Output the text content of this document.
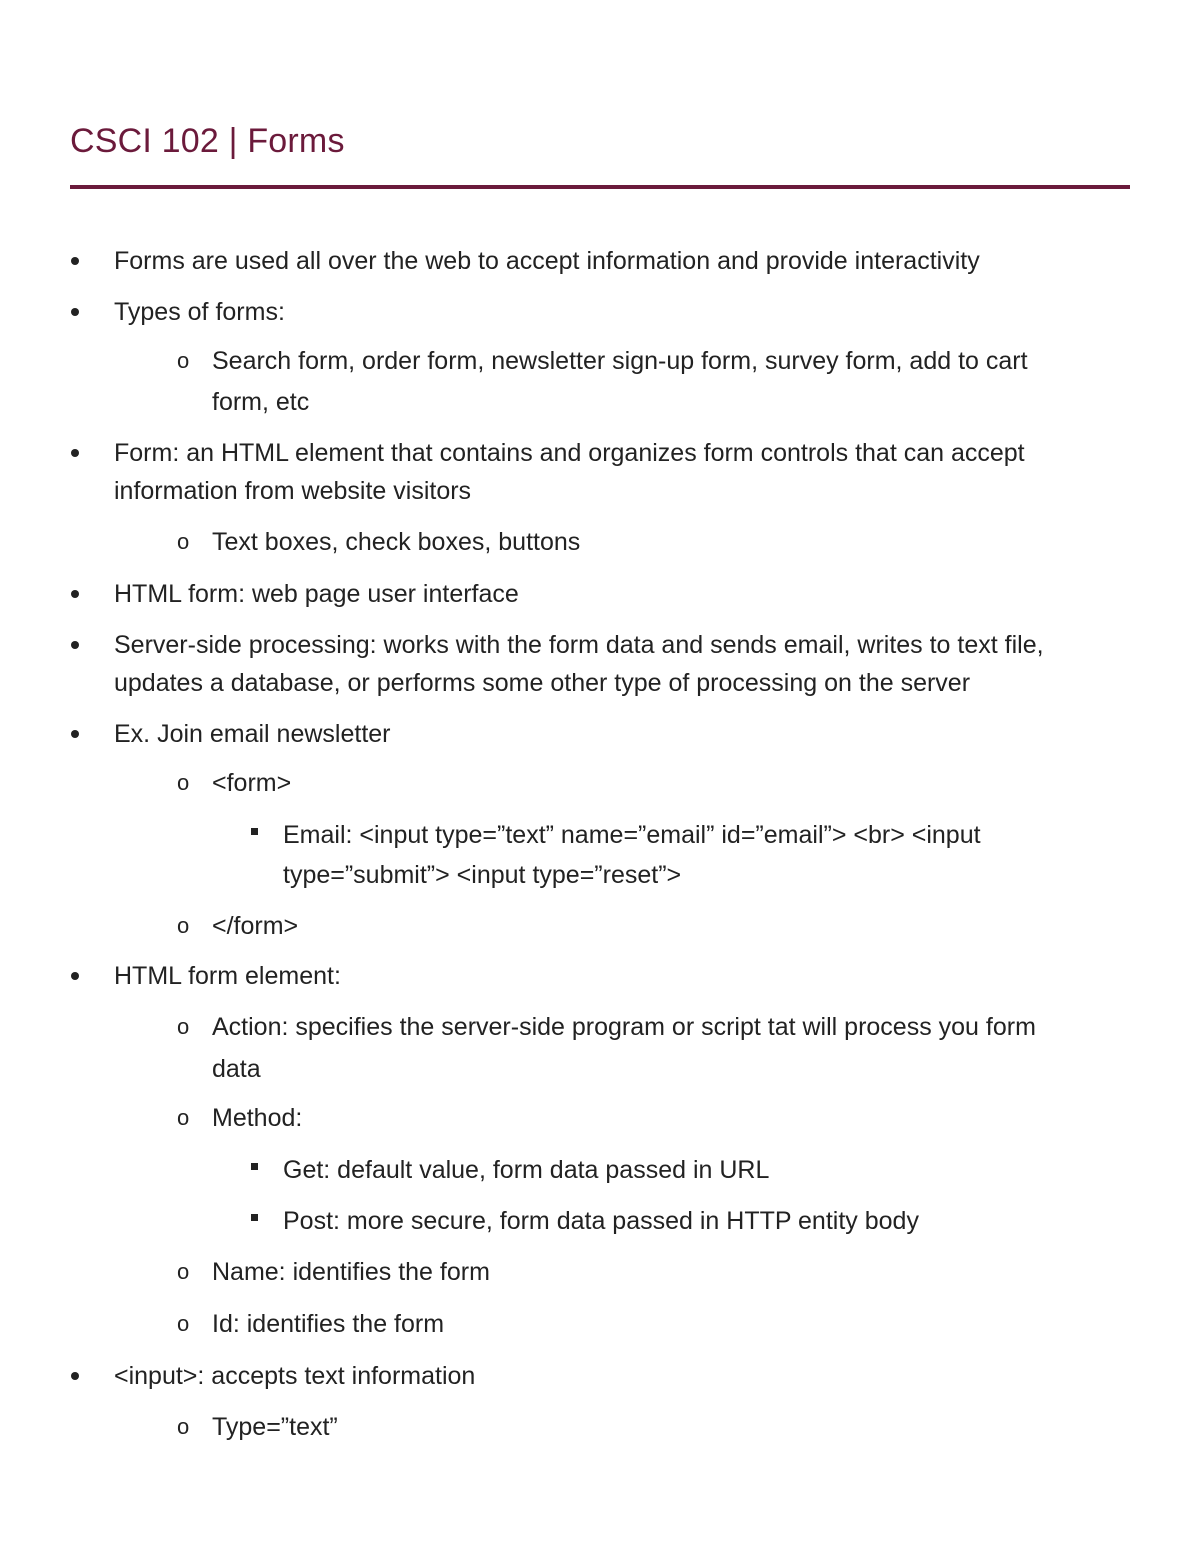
CSCI 102 | Forms
Forms are used all over the web to accept information and provide interactivity
Types of forms:
o Search form, order form, newsletter sign-up form, survey form, add to cart
form, etc
Form: an HTML element that contains and organizes form controls that can accept
information from website visitors
o Text boxes, check boxes, buttons
HTML form: web page user interface
Server-side processing: works with the form data and sends email, writes to text file,
updates a database, or performs some other type of processing on the server
Ex. Join email newsletter
o <form>
Email: <input type=”text” name=”email” id=”email”> <br> <input
type=”submit”> <input type=”reset”>
o </form>
HTML form element:
o Action: specifies the server-side program or script tat will process you form
data
o Method:
Get: default value, form data passed in URL
Post: more secure, form data passed in HTTP entity body
o Name: identifies the form
o Id: identifies the form
<input>: accepts text information
o Type=”text”
